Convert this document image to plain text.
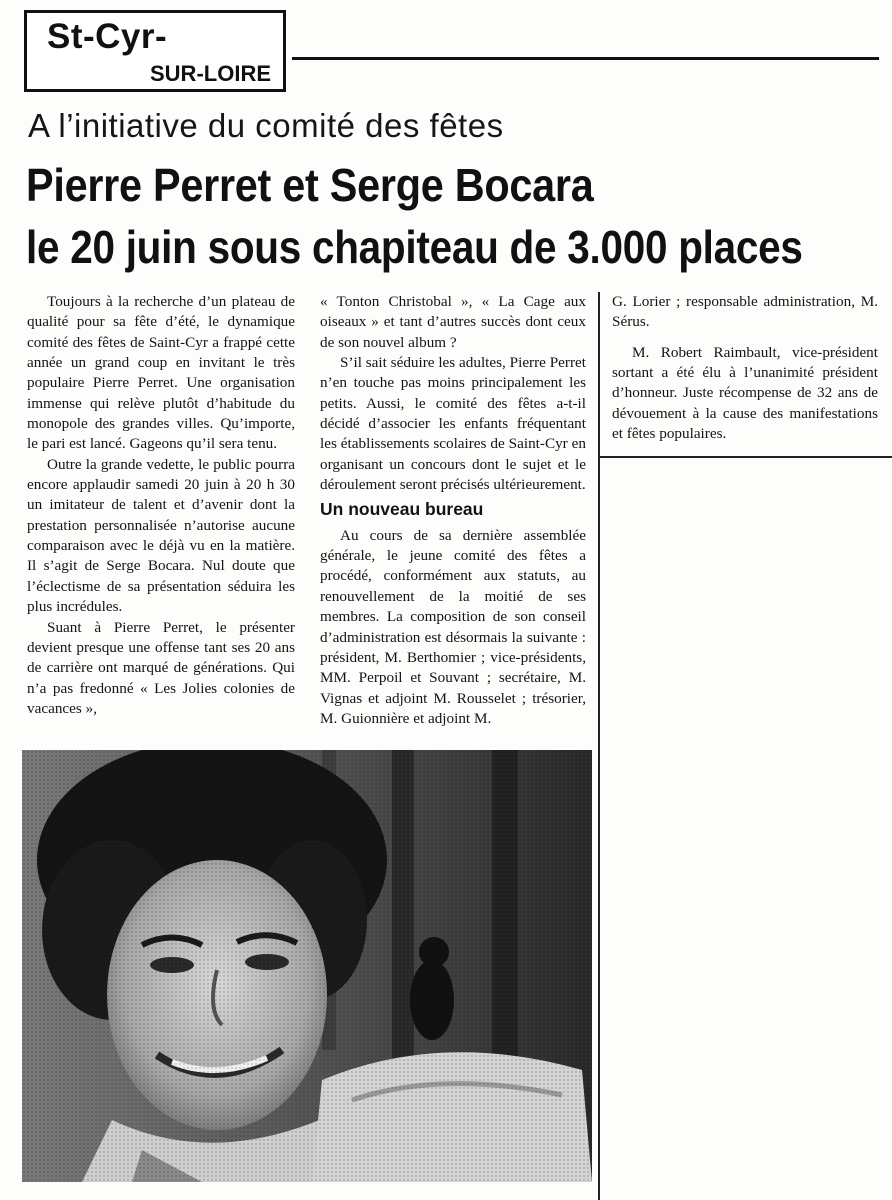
St-Cyr-
SUR-LOIRE
A l’initiative du comité des fêtes
Pierre Perret et Serge Bocara
le 20 juin sous chapiteau de 3.000 places

Toujours à la recherche d’un plateau de qualité pour sa fête d’été, le dynamique comité des fêtes de Saint-Cyr a frappé cette année un grand coup en invitant le très populaire Pierre Perret. Une organisation immense qui relève plutôt d’habitude du monopole des grandes villes. Qu’importe, le pari est lancé. Gageons qu’il sera tenu.

Outre la grande vedette, le public pourra encore applaudir samedi 20 juin à 20 h 30 un imitateur de talent et d’avenir dont la prestation personnalisée n’autorise aucune comparaison avec le déjà vu en la matière. Il s’agit de Serge Bocara. Nul doute que l’éclectisme de sa présentation séduira les plus incrédules.

Suant à Pierre Perret, le présenter devient presque une offense tant ses 20 ans de carrière ont marqué de générations. Qui n’a pas fredonné « Les Jolies colonies de vacances »,

« Tonton Christobal », « La Cage aux oiseaux » et tant d’autres succès dont ceux de son nouvel album ?

S’il sait séduire les adultes, Pierre Perret n’en touche pas moins principalement les petits. Aussi, le comité des fêtes a-t-il décidé d’associer les enfants fréquentant les établissements scolaires de Saint-Cyr en organisant un concours dont le sujet et le déroulement seront précisés ultérieurement.

Un nouveau bureau

Au cours de sa dernière assemblée générale, le jeune comité des fêtes a procédé, conformément aux statuts, au renouvellement de la moitié de ses membres. La composition de son conseil d’administration est désormais la suivante : président, M. Berthomier ; vice-présidents, MM. Perpoil et Souvant ; secrétaire, M. Vignas et adjoint M. Rousselet ; trésorier, M. Guionnière et adjoint M.

G. Lorier ; responsable administration, M. Sérus.

M. Robert Raimbault, vice-président sortant a été élu à l’unanimité président d’honneur. Juste récompense de 32 ans de dévouement à la cause des manifestations et fêtes populaires.
